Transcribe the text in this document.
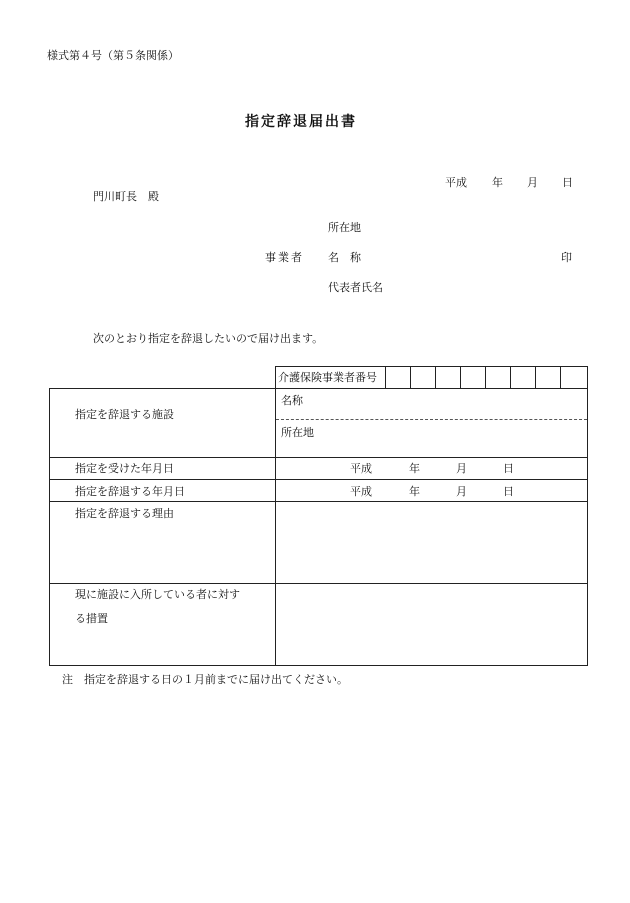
様式第４号（第５条関係）
指定辞退届出書
平成 年 月 日
門川町長　殿
所在地
事業者 名　称	印
代表者氏名
次のとおり指定を辞退したいので届け出ます。
介護保険事業者番号
指定を辞退する施設
名称
所在地
指定を受けた年月日	平成	年	月	日
指定を辞退する年月日	平成	年	月	日
指定を辞退する理由
現に施設に入所している者に対す
る措置
注　指定を辞退する日の１月前までに届け出てください。
